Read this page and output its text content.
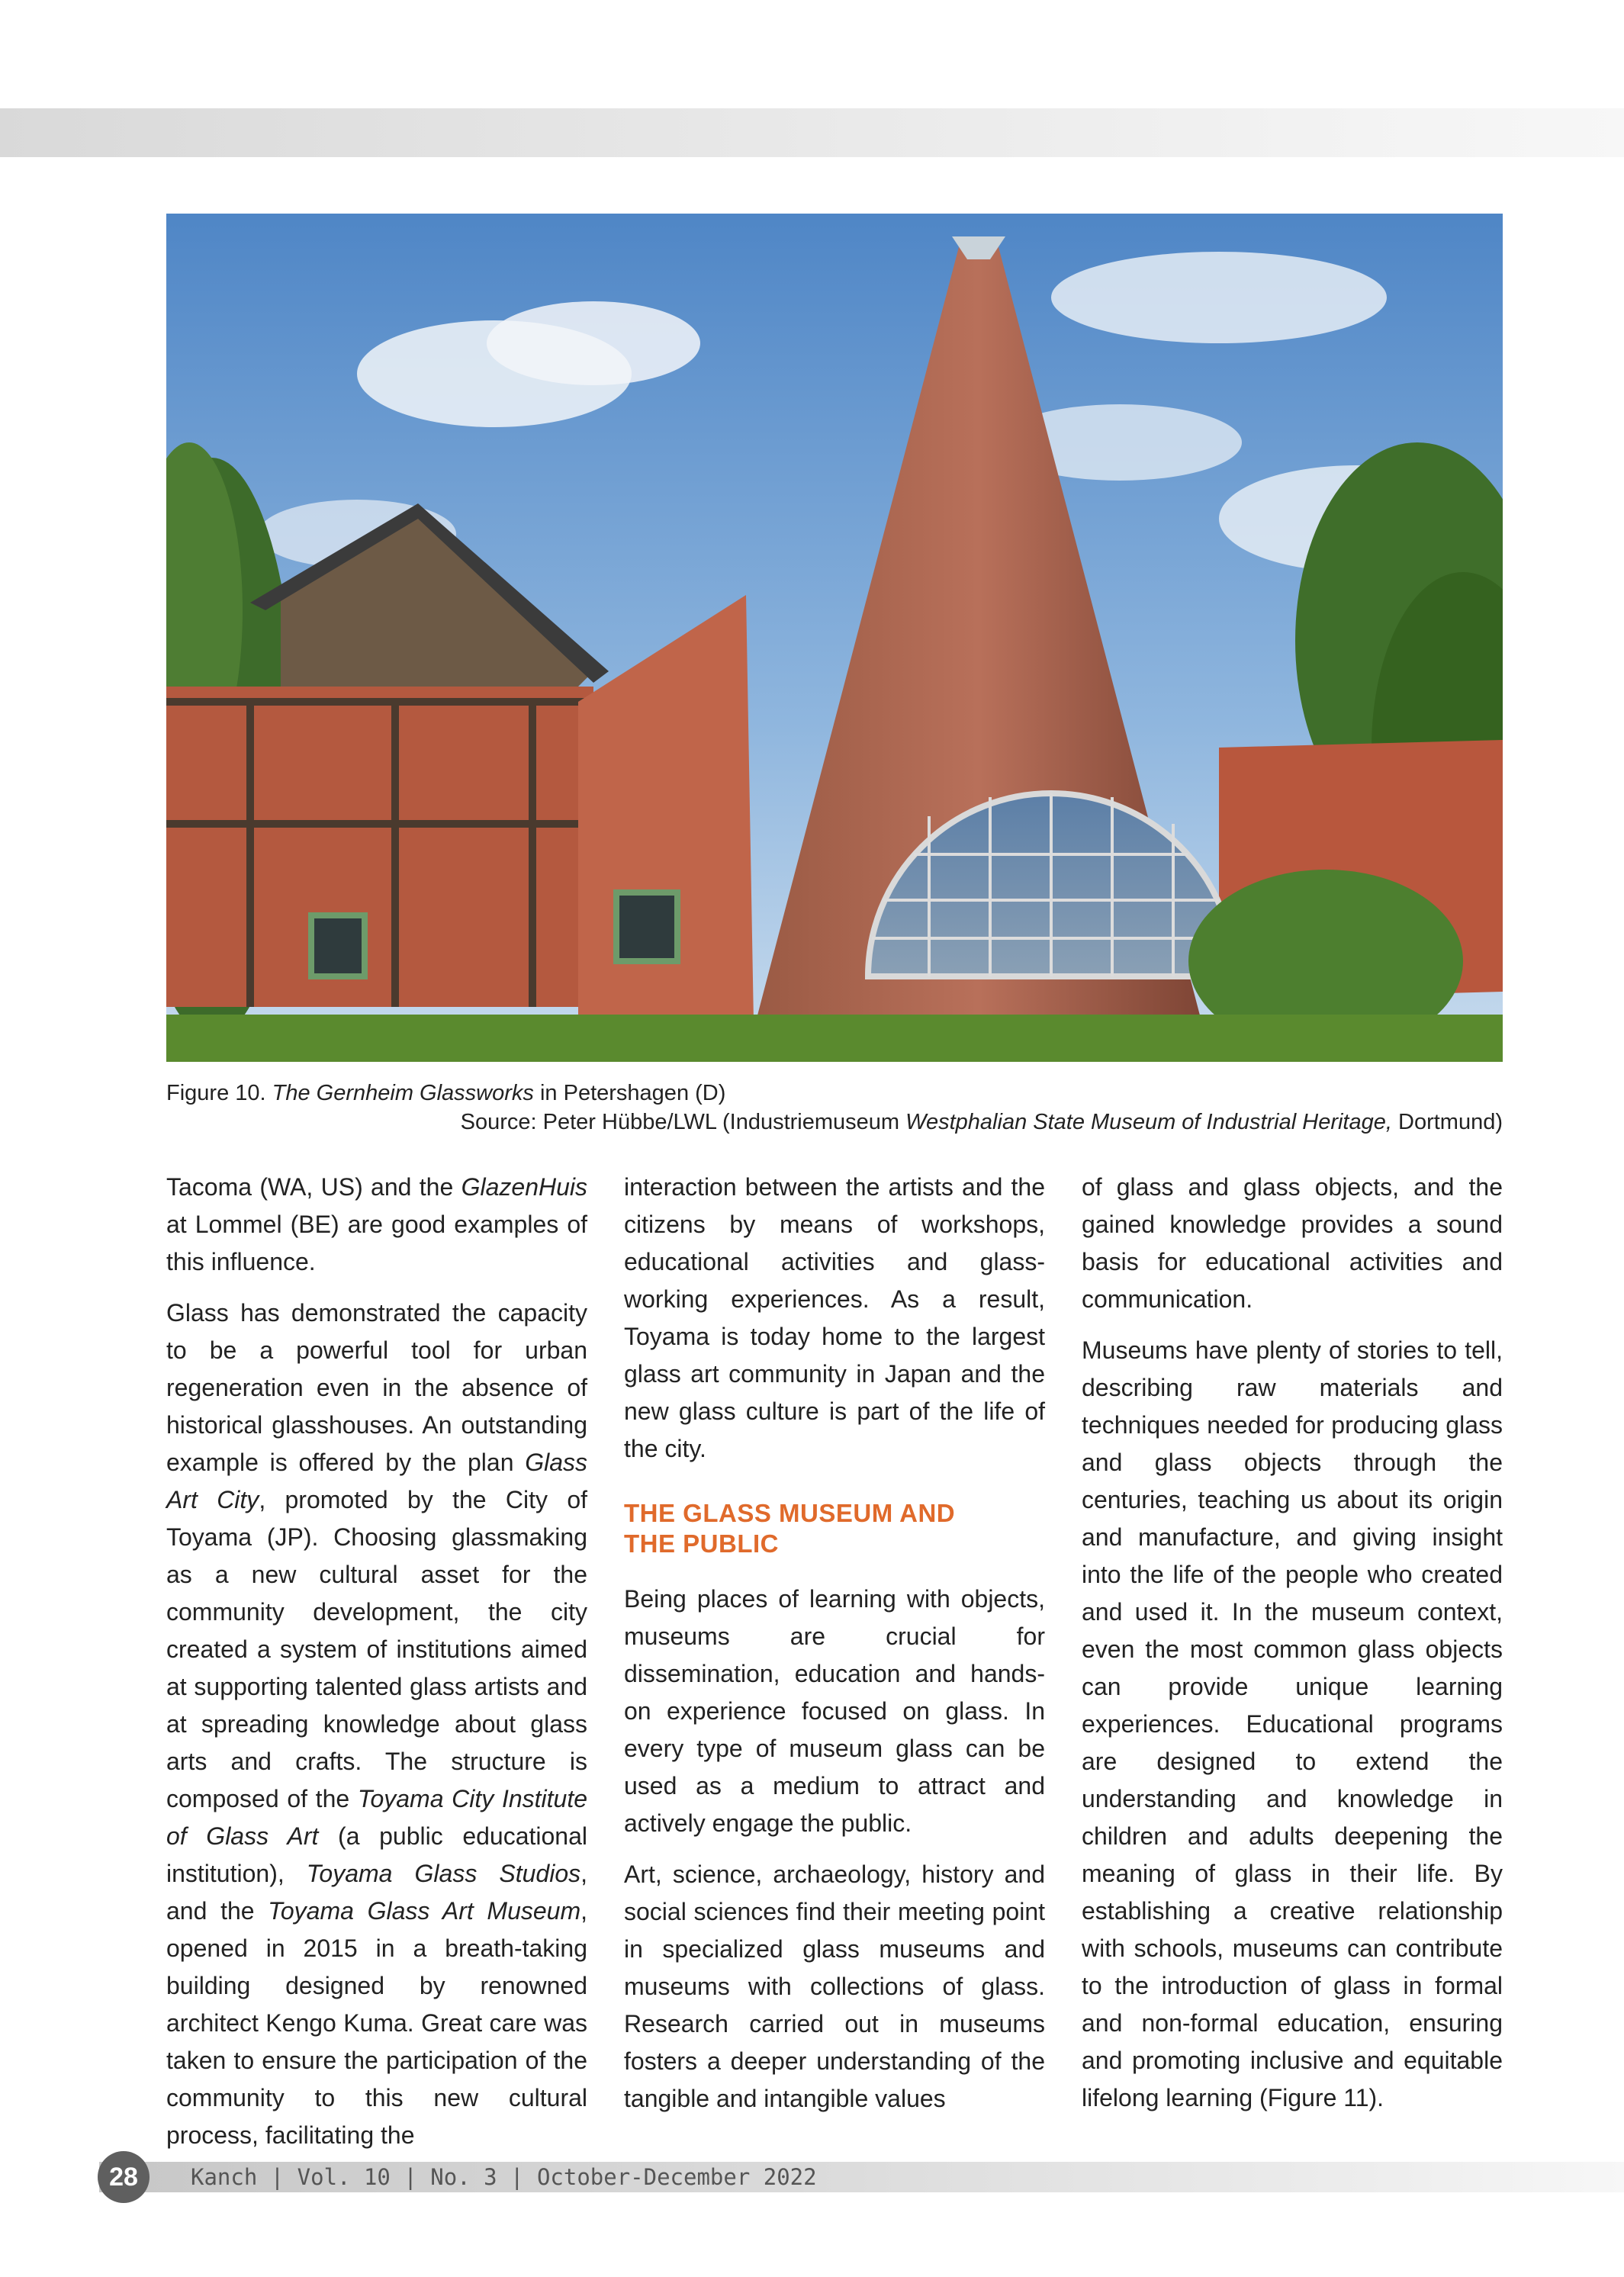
Figure 10. The Gernheim Glassworks in Petershagen (D)
Source: Peter Hübbe/LWL (Industriemuseum Westphalian State Museum of Industrial Heritage, Dortmund)

Tacoma (WA, US) and the GlazenHuis at Lommel (BE) are good examples of this influence.

Glass has demonstrated the capacity to be a powerful tool for urban regeneration even in the absence of historical glasshouses. An outstanding example is offered by the plan Glass Art City, promoted by the City of Toyama (JP). Choosing glassmaking as a new cultural asset for the community development, the city created a system of institutions aimed at supporting talented glass artists and at spreading knowledge about glass arts and crafts. The structure is composed of the Toyama City Institute of Glass Art (a public educational institution), Toyama Glass Studios, and the Toyama Glass Art Museum, opened in 2015 in a breath-taking building designed by renowned architect Kengo Kuma. Great care was taken to ensure the participation of the community to this new cultural process, facilitating the

interaction between the artists and the citizens by means of workshops, educational activities and glass-working experiences. As a result, Toyama is today home to the largest glass art community in Japan and the new glass culture is part of the life of the city.

THE GLASS MUSEUM AND
THE PUBLIC

Being places of learning with objects, museums are crucial for dissemination, education and hands-on experience focused on glass. In every type of museum glass can be used as a medium to attract and actively engage the public.

Art, science, archaeology, history and social sciences find their meeting point in specialized glass museums and museums with collections of glass. Research carried out in museums fosters a deeper understanding of the tangible and intangible values

of glass and glass objects, and the gained knowledge provides a sound basis for educational activities and communication.

Museums have plenty of stories to tell, describing raw materials and techniques needed for producing glass and glass objects through the centuries, teaching us about its origin and manufacture, and giving insight into the life of the people who created and used it. In the museum context, even the most common glass objects can provide unique learning experiences. Educational programs are designed to extend the understanding and knowledge in children and adults deepening the meaning of glass in their life. By establishing a creative relationship with schools, museums can contribute to the introduction of glass in formal and non-formal education, ensuring and promoting inclusive and equitable lifelong learning (Figure 11).

28	Kanch | Vol. 10 | No. 3 | October-December 2022
